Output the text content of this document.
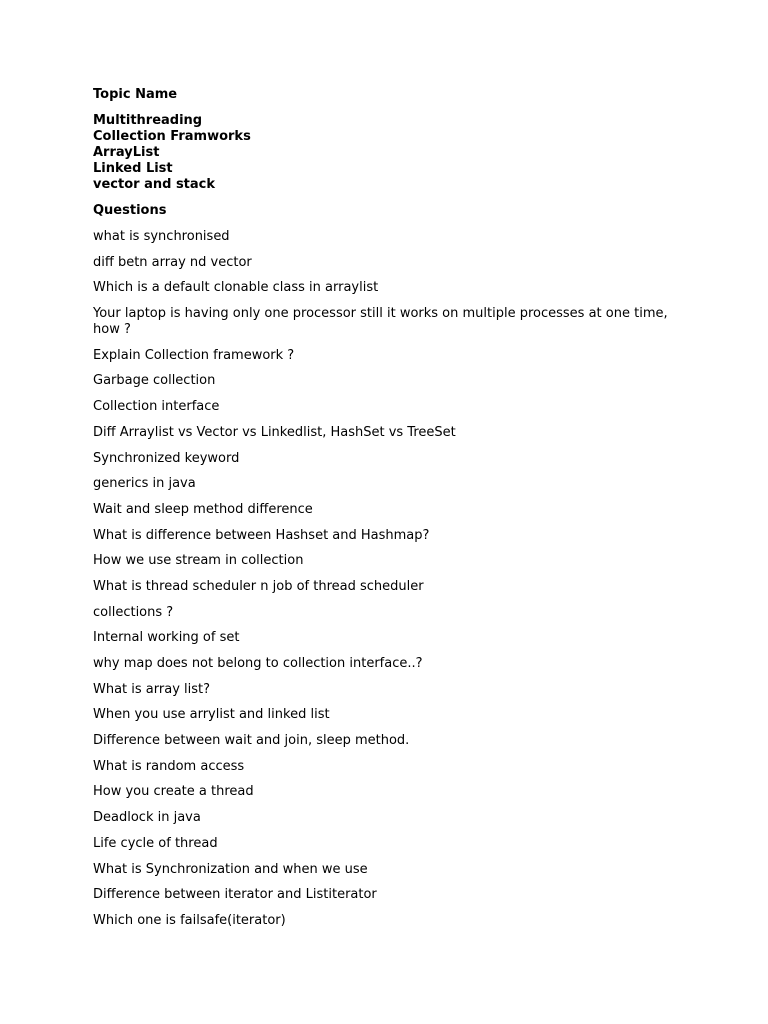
Topic Name

Multithreading
Collection Framworks
ArrayList
Linked List
vector and stack

Questions

what is synchronised
diff betn array nd vector
Which is a default clonable class in arraylist
Your laptop is having only one processor still it works on multiple processes at one time, how ?
Explain Collection framework ?
Garbage collection
Collection interface
Diff Arraylist vs Vector vs Linkedlist, HashSet vs TreeSet
Synchronized keyword
generics in java
Wait and sleep method difference
What is difference between Hashset and Hashmap?
How we use stream in collection
What is thread scheduler n job of thread scheduler
collections ?
Internal working of set
why map does not belong to collection interface..?
What is array list?
When you use arrylist and linked list
Difference between wait and join, sleep method.
What is random access
How you create a thread
Deadlock in java
Life cycle of thread
What is Synchronization and when we use
Difference between iterator and Listiterator
Which one is failsafe(iterator)
